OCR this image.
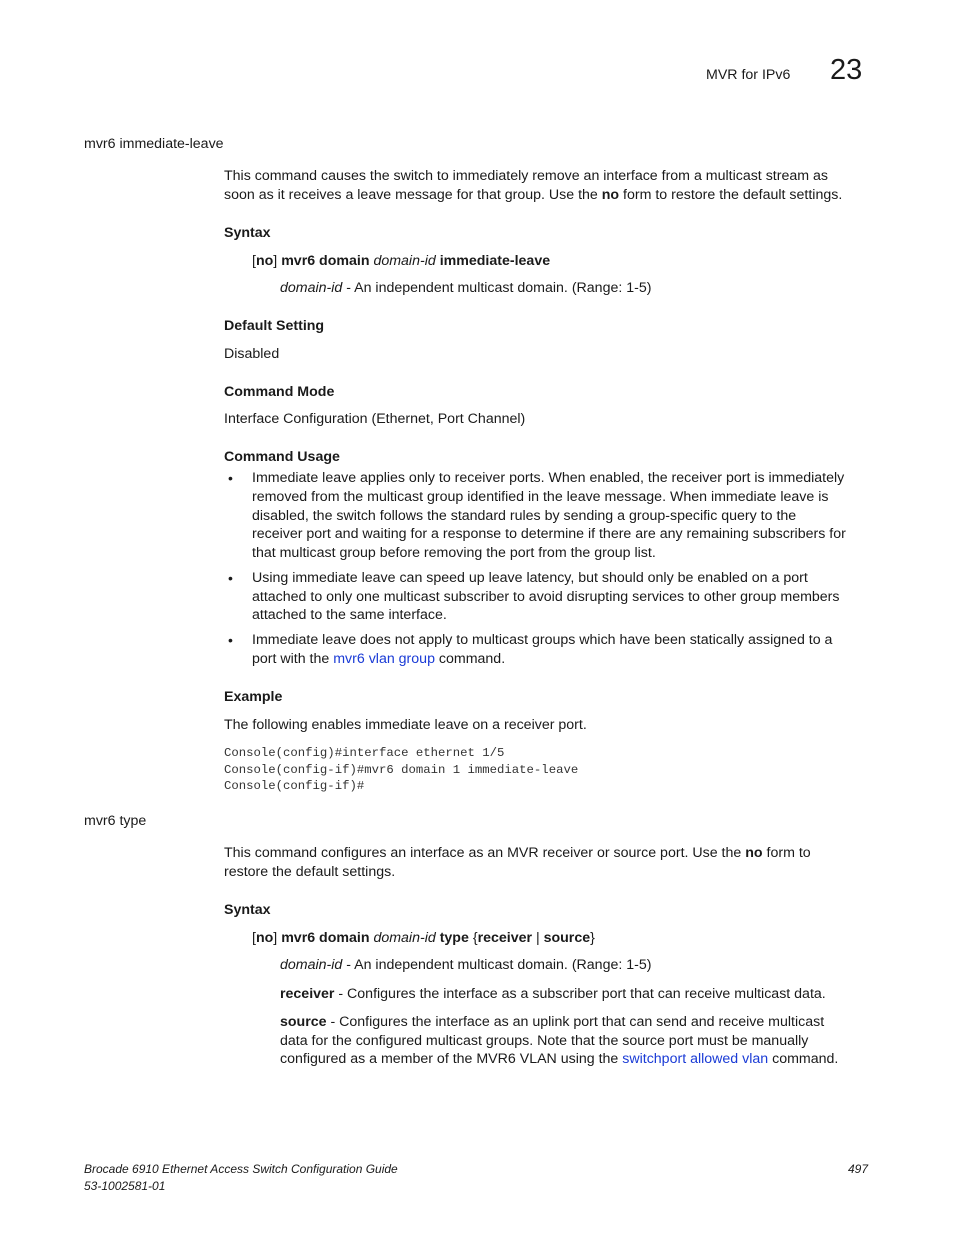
MVR for IPv6 23
mvr6 immediate-leave
This command causes the switch to immediately remove an interface from a multicast stream as
soon as it receives a leave message for that group. Use the no form to restore the default settings.
Syntax
[no] mvr6 domain domain-id immediate-leave
domain-id - An independent multicast domain. (Range: 1-5)
Default Setting
Disabled
Command Mode
Interface Configuration (Ethernet, Port Channel)
Command Usage
• Immediate leave applies only to receiver ports. When enabled, the receiver port is immediately
removed from the multicast group identified in the leave message. When immediate leave is
disabled, the switch follows the standard rules by sending a group-specific query to the
receiver port and waiting for a response to determine if there are any remaining subscribers for
that multicast group before removing the port from the group list.
• Using immediate leave can speed up leave latency, but should only be enabled on a port
attached to only one multicast subscriber to avoid disrupting services to other group members
attached to the same interface.
• Immediate leave does not apply to multicast groups which have been statically assigned to a
port with the mvr6 vlan group command.
Example
The following enables immediate leave on a receiver port.
Console(config)#interface ethernet 1/5
Console(config-if)#mvr6 domain 1 immediate-leave
Console(config-if)#
mvr6 type
This command configures an interface as an MVR receiver or source port. Use the no form to
restore the default settings.
Syntax
[no] mvr6 domain domain-id type {receiver | source}
domain-id - An independent multicast domain. (Range: 1-5)
receiver - Configures the interface as a subscriber port that can receive multicast data.
source - Configures the interface as an uplink port that can send and receive multicast
data for the configured multicast groups. Note that the source port must be manually
configured as a member of the MVR6 VLAN using the switchport allowed vlan command.
Brocade 6910 Ethernet Access Switch Configuration Guide
53-1002581-01
497
